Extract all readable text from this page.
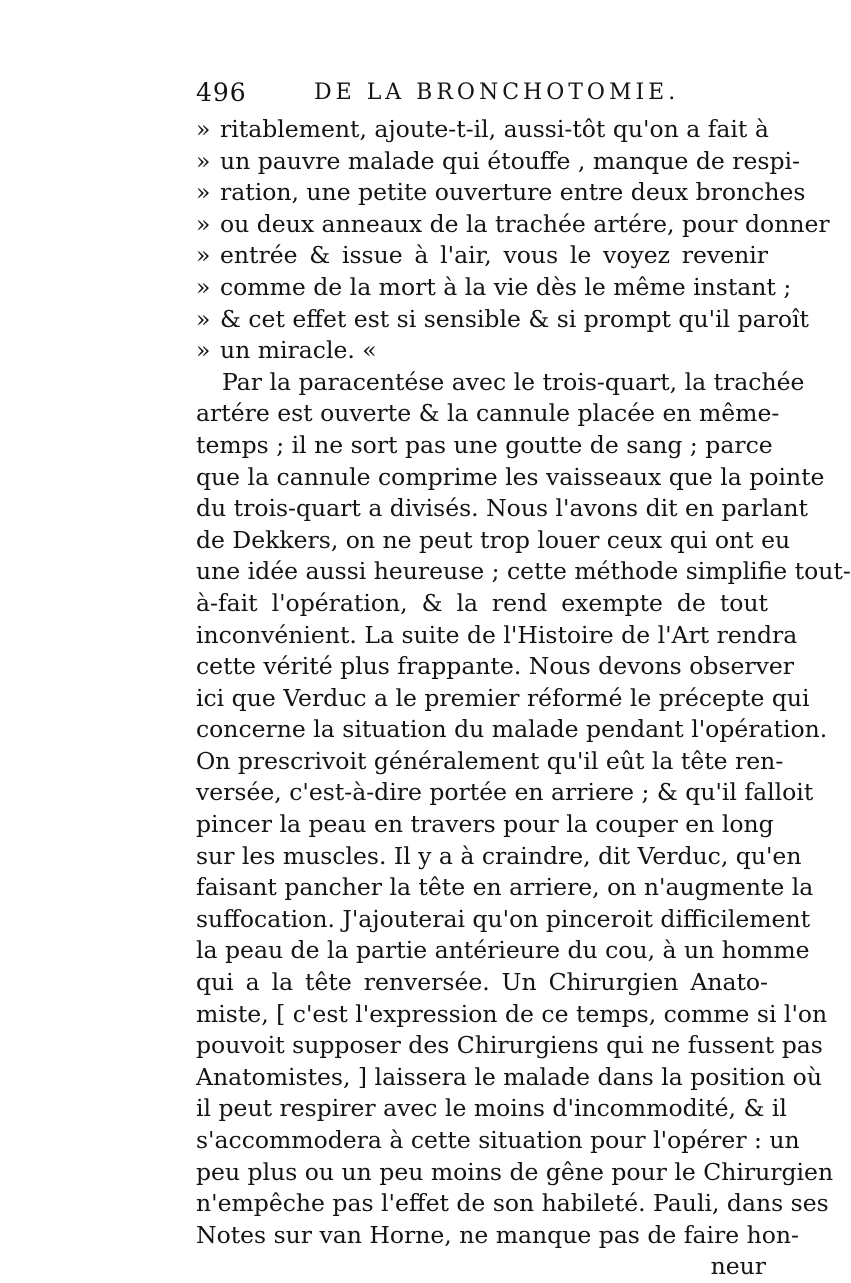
496	DE LA BRONCHOTOMIE.
» ritablement, ajoute-t-il, aussi-tôt qu'on a fait à
» un pauvre malade qui étouffe , manque de respi-
» ration, une petite ouverture entre deux bronches
» ou deux anneaux de la trachée artére, pour donner
» entrée & issue à l'air, vous le voyez revenir
» comme de la mort à la vie dès le même instant ;
» & cet effet est si sensible & si prompt qu'il paroît
» un miracle. «
Par la paracentése avec le trois-quart, la trachée
artére est ouverte & la cannule placée en même-
temps ; il ne sort pas une goutte de sang ; parce
que la cannule comprime les vaisseaux que la pointe
du trois-quart a divisés. Nous l'avons dit en parlant
de Dekkers, on ne peut trop louer ceux qui ont eu
une idée aussi heureuse ; cette méthode simplifie tout-
à-fait l'opération, & la rend exempte de tout
inconvénient. La suite de l'Histoire de l'Art rendra
cette vérité plus frappante. Nous devons observer
ici que Verduc a le premier réformé le précepte qui
concerne la situation du malade pendant l'opération.
On prescrivoit généralement qu'il eût la tête ren-
versée, c'est-à-dire portée en arriere ; & qu'il falloit
pincer la peau en travers pour la couper en long
sur les muscles. Il y a à craindre, dit Verduc, qu'en
faisant pancher la tête en arriere, on n'augmente la
suffocation. J'ajouterai qu'on pinceroit difficilement
la peau de la partie antérieure du cou, à un homme
qui a la tête renversée. Un Chirurgien Anato-
miste, [ c'est l'expression de ce temps, comme si l'on
pouvoit supposer des Chirurgiens qui ne fussent pas
Anatomistes, ] laissera le malade dans la position où
il peut respirer avec le moins d'incommodité, & il
s'accommodera à cette situation pour l'opérer : un
peu plus ou un peu moins de gêne pour le Chirurgien
n'empêche pas l'effet de son habileté. Pauli, dans ses
Notes sur van Horne, ne manque pas de faire hon-
neur
